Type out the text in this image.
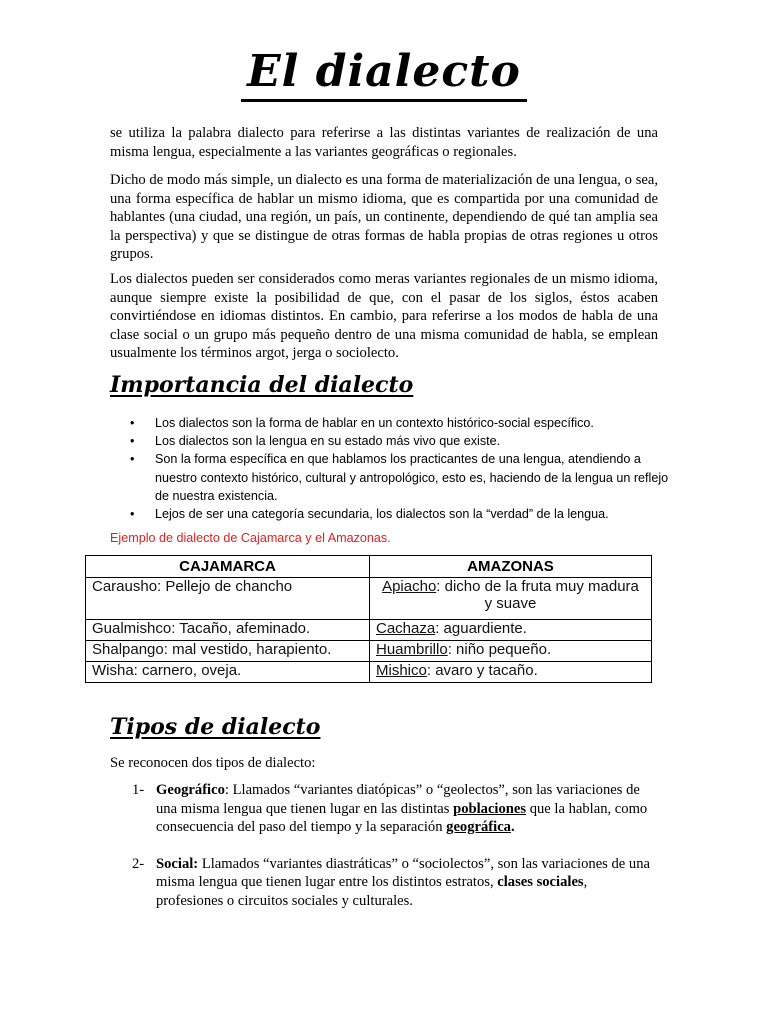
El dialecto

se utiliza la palabra dialecto para referirse a las distintas variantes de realización de una misma lengua, especialmente a las variantes geográficas o regionales.

Dicho de modo más simple, un dialecto es una forma de materialización de una lengua, o sea, una forma específica de hablar un mismo idioma, que es compartida por una comunidad de hablantes (una ciudad, una región, un país, un continente, dependiendo de qué tan amplia sea la perspectiva) y que se distingue de otras formas de habla propias de otras regiones u otros grupos.

Los dialectos pueden ser considerados como meras variantes regionales de un mismo idioma, aunque siempre existe la posibilidad de que, con el pasar de los siglos, éstos acaben convirtiéndose en idiomas distintos. En cambio, para referirse a los modos de habla de una clase social o un grupo más pequeño dentro de una misma comunidad de habla, se emplean usualmente los términos argot, jerga o sociolecto.

Importancia del dialecto
• Los dialectos son la forma de hablar en un contexto histórico-social específico.
• Los dialectos son la lengua en su estado más vivo que existe.
• Son la forma específica en que hablamos los practicantes de una lengua, atendiendo a nuestro contexto histórico, cultural y antropológico, esto es, haciendo de la lengua un reflejo de nuestra existencia.
• Lejos de ser una categoría secundaria, los dialectos son la “verdad” de la lengua.
Ejemplo de dialecto de Cajamarca y el Amazonas.
CAJAMARCA	AMAZONAS
Carausho: Pellejo de chancho	Apiacho: dicho de la fruta muy madura
y suave
Gualmishco: Tacaño, afeminado.	Cachaza: aguardiente.
Shalpango: mal vestido, harapiento.	Huambrillo: niño pequeño.
Wisha: carnero, oveja.	Mishico: avaro y tacaño.
Tipos de dialecto
Se reconocen dos tipos de dialecto:
1- Geográfico: Llamados “variantes diatópicas” o “geolectos”, son las variaciones de una misma lengua que tienen lugar en las distintas poblaciones que la hablan, como consecuencia del paso del tiempo y la separación geográfica.
2- Social: Llamados “variantes diastráticas” o “sociolectos”, son las variaciones de una misma lengua que tienen lugar entre los distintos estratos, clases sociales, profesiones o circuitos sociales y culturales.
